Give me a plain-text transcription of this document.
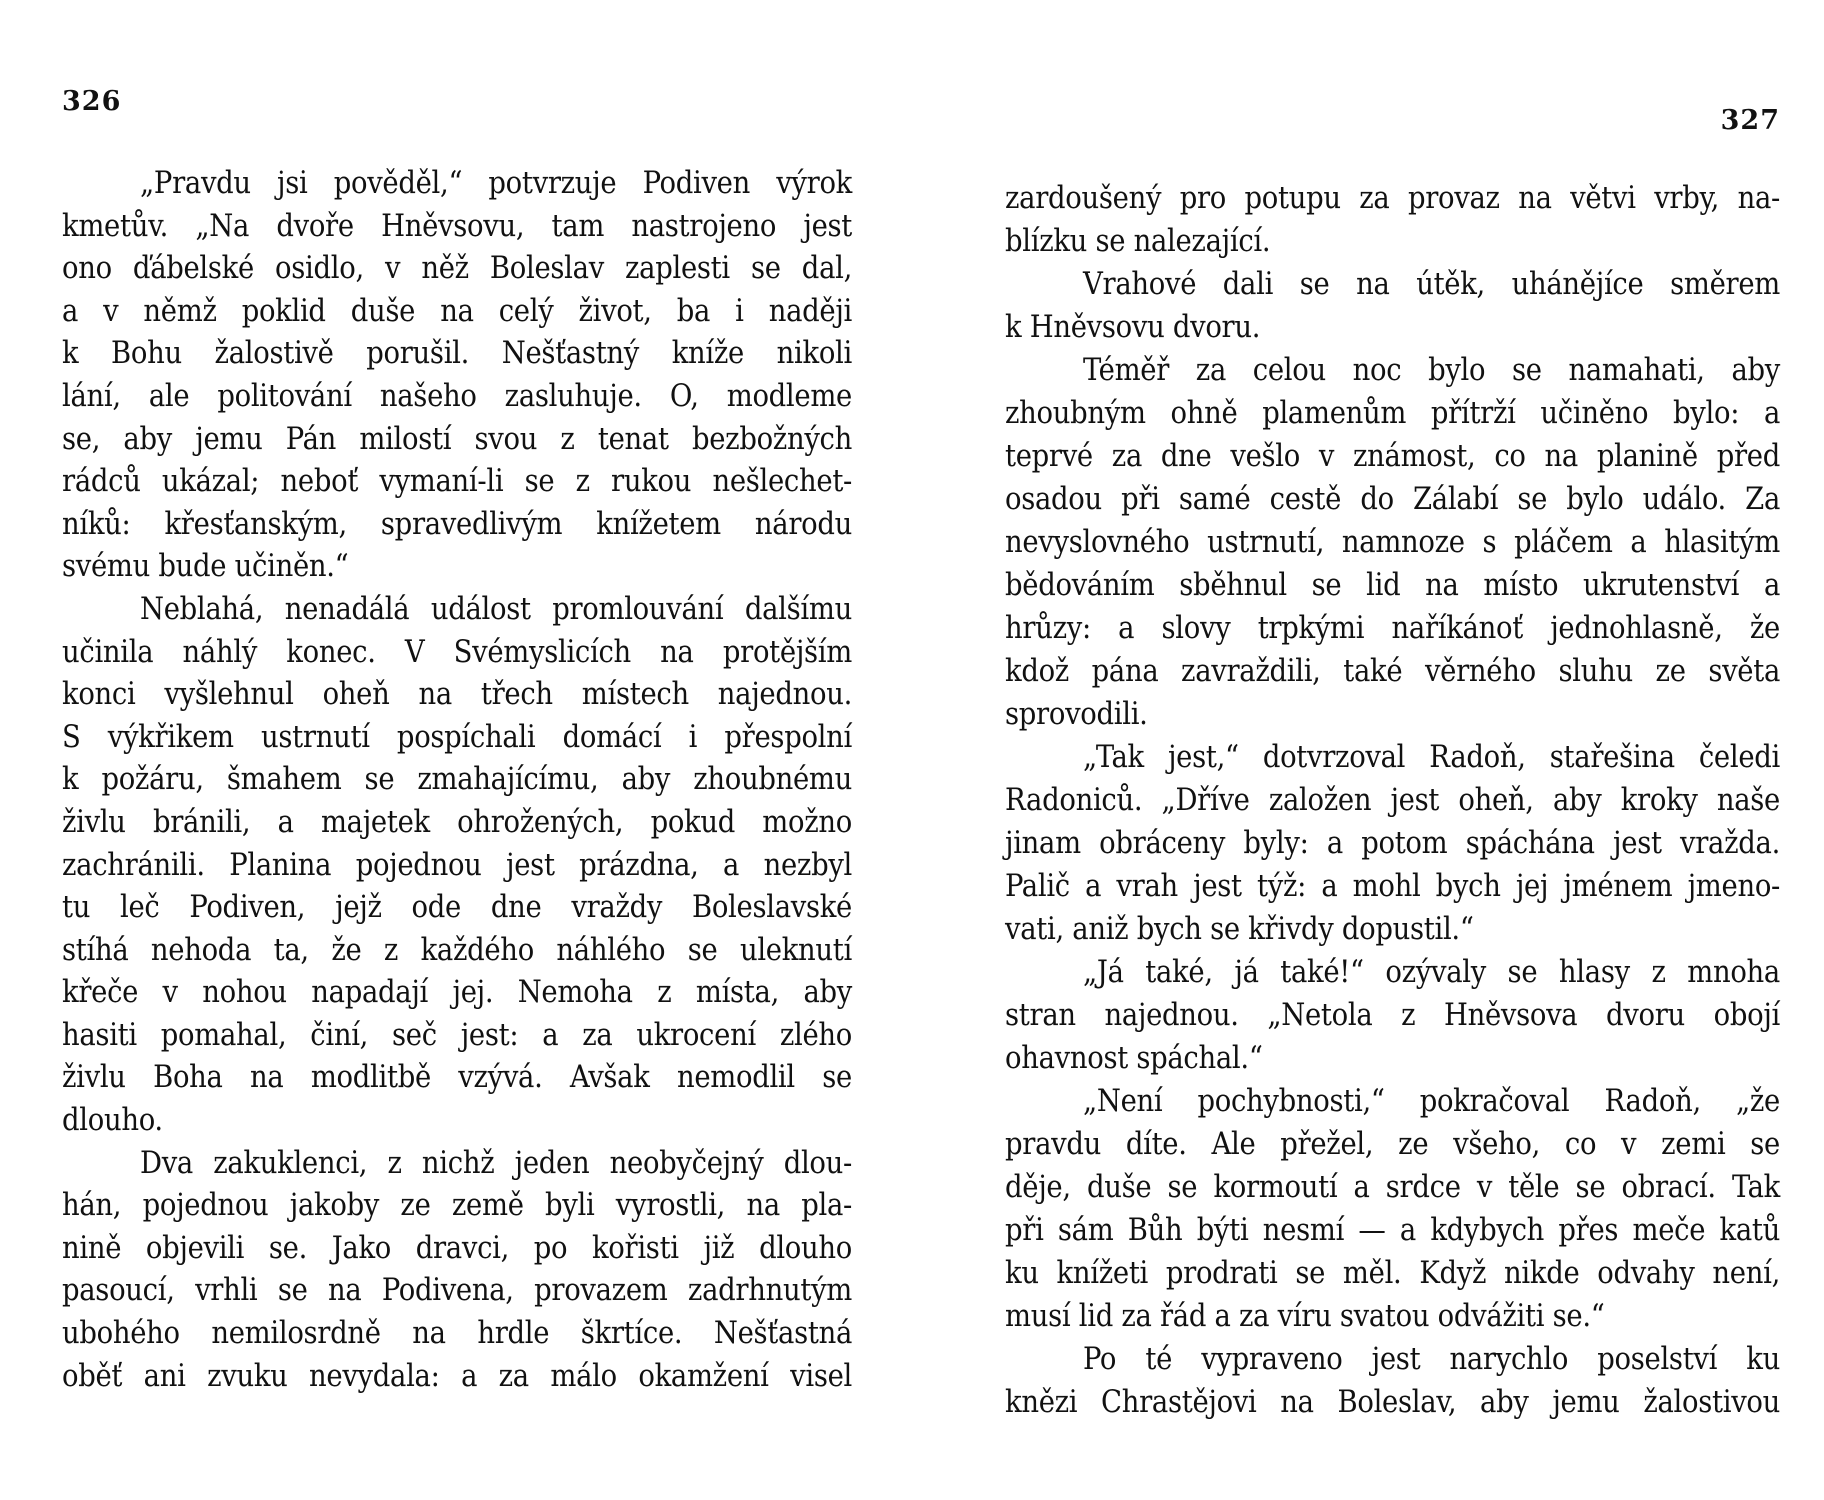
326
„Pravdu jsi pověděl,“ potvrzuje Podiven výrok
kmetův. „Na dvoře Hněvsovu, tam nastrojeno jest
ono ďábelské osidlo, v něž Boleslav zaplesti se dal,
a v němž poklid duše na celý život, ba i naději
k Bohu žalostivě porušil. Nešťastný kníže nikoli
lání, ale politování našeho zasluhuje. O, modleme
se, aby jemu Pán milostí svou z tenat bezbožných
rádců ukázal; neboť vymaní-li se z rukou nešlechet-
níků: křesťanským, spravedlivým knížetem národu
svému bude učiněn.“
Neblahá, nenadálá událost promlouvání dalšímu
učinila náhlý konec. V Svémyslicích na protějším
konci vyšlehnul oheň na třech místech najednou.
S výkřikem ustrnutí pospíchali domácí i přespolní
k požáru, šmahem se zmahajícímu, aby zhoubnému
živlu bránili, a majetek ohrožených, pokud možno
zachránili. Planina pojednou jest prázdna, a nezbyl
tu leč Podiven, jejž ode dne vraždy Boleslavské
stíhá nehoda ta, že z každého náhlého se uleknutí
křeče v nohou napadají jej. Nemoha z místa, aby
hasiti pomahal, činí, seč jest: a za ukrocení zlého
živlu Boha na modlitbě vzývá. Avšak nemodlil se
dlouho.
Dva zakuklenci, z nichž jeden neobyčejný dlou-
hán, pojednou jakoby ze země byli vyrostli, na pla-
nině objevili se. Jako dravci, po kořisti již dlouho
pasoucí, vrhli se na Podivena, provazem zadrhnutým
ubohého nemilosrdně na hrdle škrtíce. Nešťastná
oběť ani zvuku nevydala: a za málo okamžení visel
327
zardoušený pro potupu za provaz na větvi vrby, na-
blízku se nalezající.
Vrahové dali se na útěk, uhánějíce směrem
k Hněvsovu dvoru.
Téměř za celou noc bylo se namahati, aby
zhoubným ohně plamenům přítrží učiněno bylo: a
teprvé za dne vešlo v známost, co na planině před
osadou při samé cestě do Zálabí se bylo událo. Za
nevyslovného ustrnutí, namnoze s pláčem a hlasitým
bědováním sběhnul se lid na místo ukrutenství a
hrůzy: a slovy trpkými naříkánoť jednohlasně, že
kdož pána zavraždili, také věrného sluhu ze světa
sprovodili.
„Tak jest,“ dotvrzoval Radoň, stařešina čeledi
Radoniců. „Dříve založen jest oheň, aby kroky naše
jinam obráceny byly: a potom spáchána jest vražda.
Palič a vrah jest týž: a mohl bych jej jménem jmeno-
vati, aniž bych se křivdy dopustil.“
„Já také, já také!“ ozývaly se hlasy z mnoha
stran najednou. „Netola z Hněvsova dvoru obojí
ohavnost spáchal.“
„Není pochybnosti,“ pokračoval Radoň, „že
pravdu díte. Ale přežel, ze všeho, co v zemi se
děje, duše se kormoutí a srdce v těle se obrací. Tak
při sám Bůh býti nesmí — a kdybych přes meče katů
ku knížeti prodrati se měl. Když nikde odvahy není,
musí lid za řád a za víru svatou odvážiti se.“
Po té vypraveno jest narychlo poselství ku
knězi Chrastějovi na Boleslav, aby jemu žalostivou
